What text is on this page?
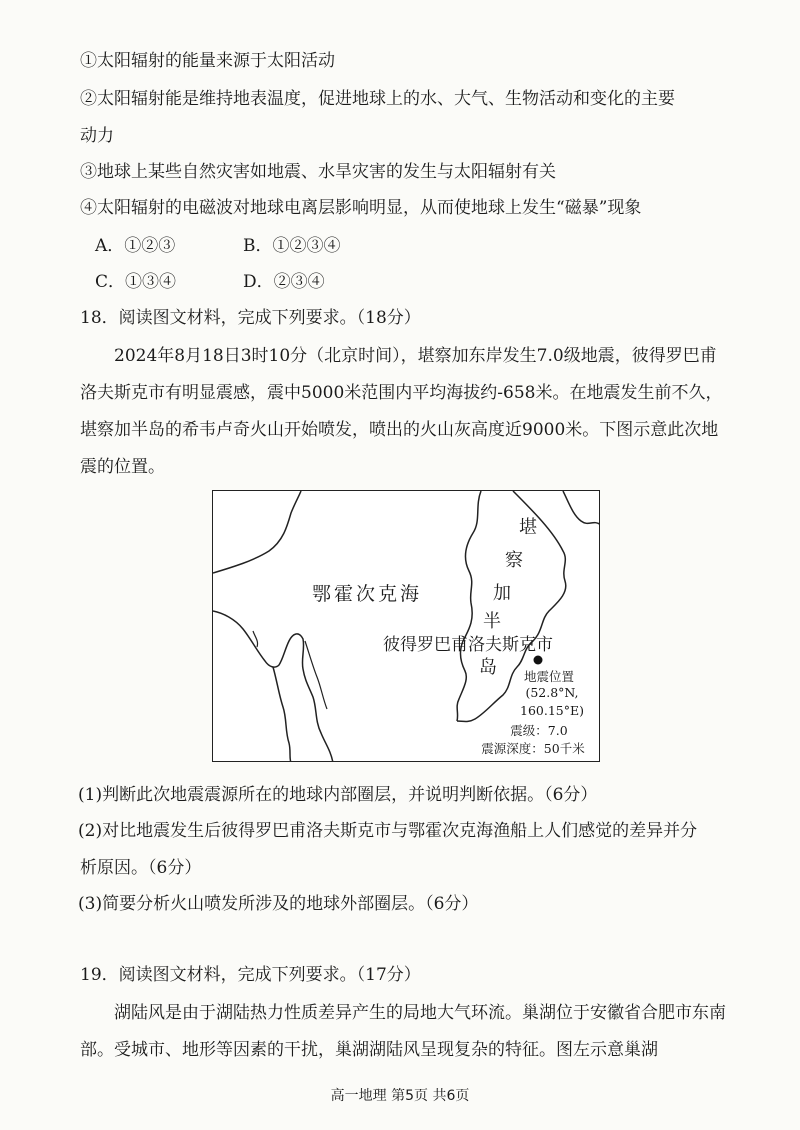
①太阳辐射的能量来源于太阳活动
②太阳辐射能是维持地表温度，促进地球上的水、大气、生物活动和变化的主要
动力
③地球上某些自然灾害如地震、水旱灾害的发生与太阳辐射有关
④太阳辐射的电磁波对地球电离层影响明显，从而使地球上发生“磁暴”现象
A．①②③	B．①②③④
C．①③④	D．②③④
18．阅读图文材料，完成下列要求。（18分）
2024年8月18日3时10分（北京时间），堪察加东岸发生7.0级地震，彼得罗巴甫洛夫斯克市有明显震感，震中5000米范围内平均海拔约-658米。在地震发生前不久，堪察加半岛的希韦卢奇火山开始喷发，喷出的火山灰高度近9000米。下图示意此次地震的位置。
鄂霍次克海
堪
察
加
半
岛
彼得罗巴甫洛夫斯克市
地震位置
(52.8°N,
160.15°E)
震级：7.0
震源深度：50千米
(1)判断此次地震震源所在的地球内部圈层，并说明判断依据。（6分）
(2)对比地震发生后彼得罗巴甫洛夫斯克市与鄂霍次克海渔船上人们感觉的差异并分
析原因。（6分）
(3)简要分析火山喷发所涉及的地球外部圈层。（6分）
19．阅读图文材料，完成下列要求。（17分）
湖陆风是由于湖陆热力性质差异产生的局地大气环流。巢湖位于安徽省合肥市东南部。受城市、地形等因素的干扰，巢湖湖陆风呈现复杂的特征。图左示意巢湖
高一地理 第5页 共6页
